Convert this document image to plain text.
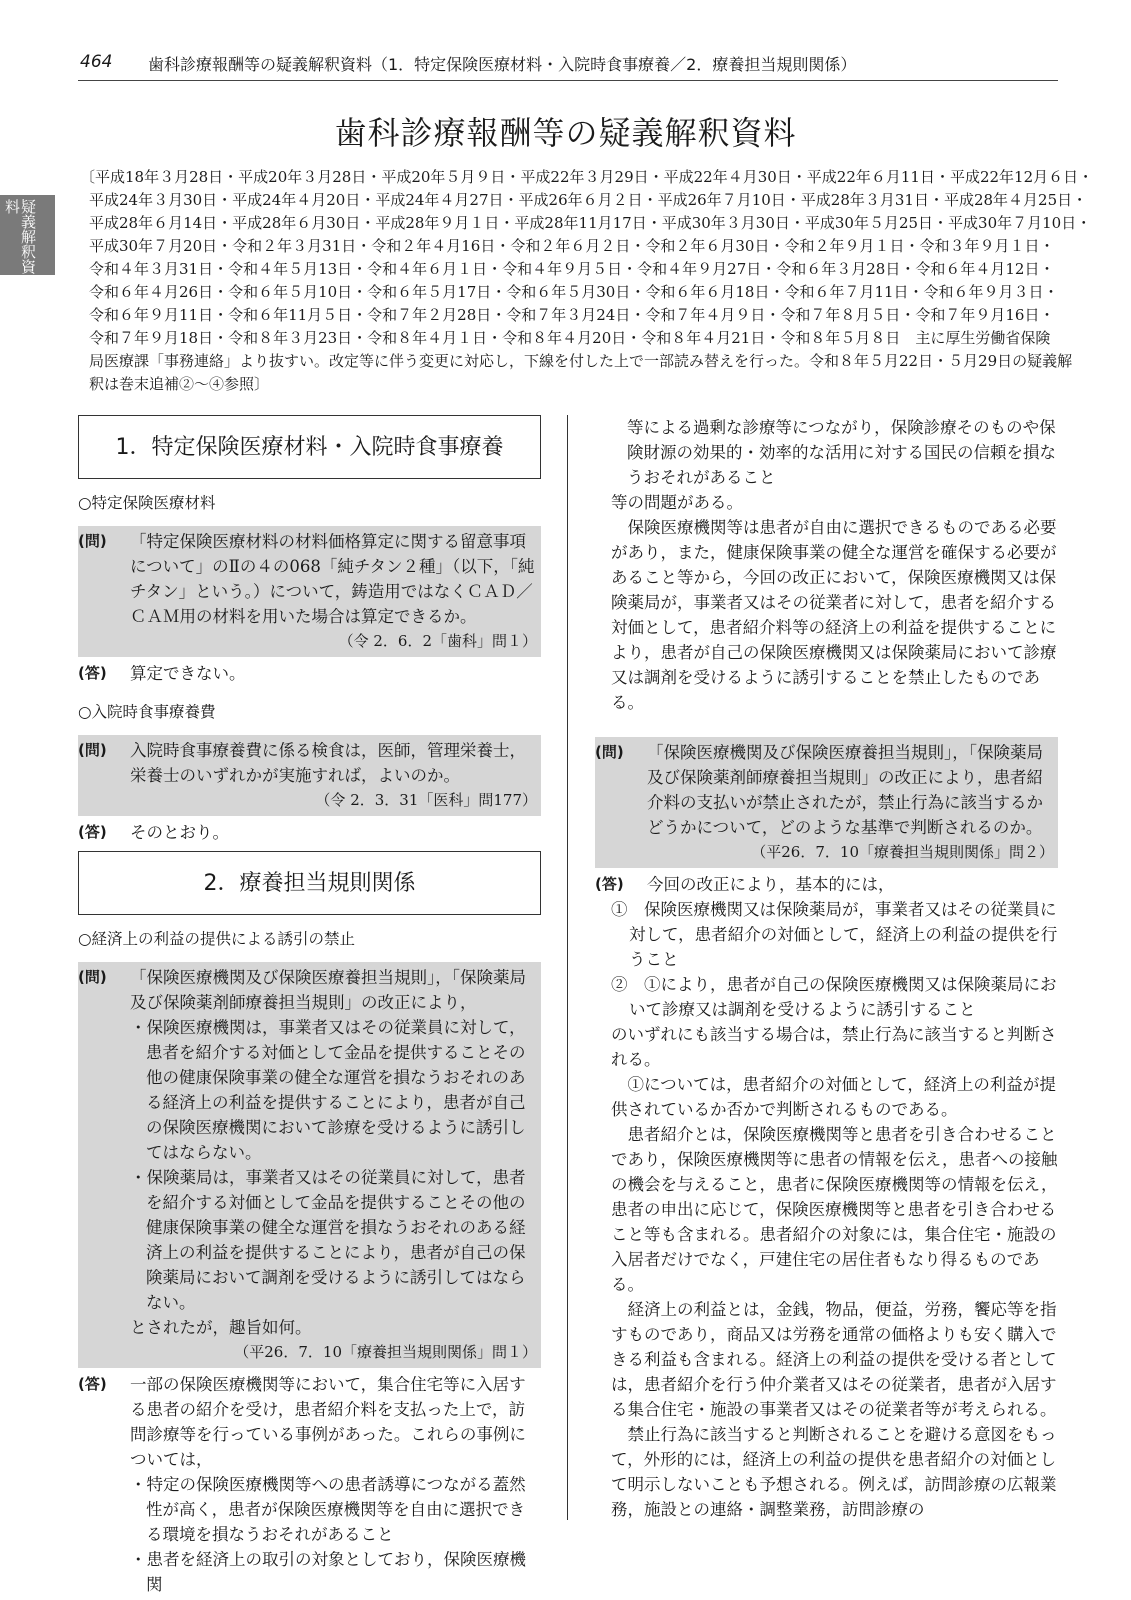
464 歯科診療報酬等の疑義解釈資料（1．特定保険医療材料・入院時食事療養／2．療養担当規則関係）
疑義解釈資料
歯科診療報酬等の疑義解釈資料

〔平成18年３月28日・平成20年３月28日・平成20年５月９日・平成22年３月29日・平成22年４月30日・平成22年６月11日・平成22年12月６日・

平成24年３月30日・平成24年４月20日・平成24年４月27日・平成26年６月２日・平成26年７月10日・平成28年３月31日・平成28年４月25日・

平成28年６月14日・平成28年６月30日・平成28年９月１日・平成28年11月17日・平成30年３月30日・平成30年５月25日・平成30年７月10日・

平成30年７月20日・令和２年３月31日・令和２年４月16日・令和２年６月２日・令和２年６月30日・令和２年９月１日・令和３年９月１日・

令和４年３月31日・令和４年５月13日・令和４年６月１日・令和４年９月５日・令和４年９月27日・令和６年３月28日・令和６年４月12日・

令和６年４月26日・令和６年５月10日・令和６年５月17日・令和６年５月30日・令和６年６月18日・令和６年７月11日・令和６年９月３日・

令和６年９月11日・令和６年11月５日・令和７年２月28日・令和７年３月24日・令和７年４月９日・令和７年８月５日・令和７年９月16日・

令和７年９月18日・令和８年３月23日・令和８年４月１日・令和８年４月20日・令和８年４月21日・令和８年５月８日　主に厚生労働省保険

局医療課「事務連絡」より抜すい。改定等に伴う変更に対応し，下線を付した上で一部読み替えを行った。令和８年５月22日・５月29日の疑義解

釈は巻末追補②～④参照〕

1．特定保険医療材料・入院時食事療養
○特定保険医療材料
(問)	「特定保険医療材料の材料価格算定に関する留意事項について」のⅡの４の068「純チタン２種」（以下，「純チタン」という。）について，鋳造用ではなくＣＡＤ／ＣＡＭ用の材料を用いた場合は算定できるか。

（令 2．6．2「歯科」問１）
(答)	算定できない。

○入院時食事療養費
(問)	入院時食事療養費に係る検食は，医師，管理栄養士，栄養士のいずれかが実施すれば，よいのか。

（令 2．3．31「医科」問177）
(答)	そのとおり。

2．療養担当規則関係
○経済上の利益の提供による誘引の禁止
(問)	「保険医療機関及び保険医療養担当規則」，「保険薬局及び保険薬剤師療養担当規則」の改正により，

・保険医療機関は，事業者又はその従業員に対して，患者を紹介する対価として金品を提供することその他の健康保険事業の健全な運営を損なうおそれのある経済上の利益を提供することにより，患者が自己の保険医療機関において診療を受けるように誘引してはならない。

・保険薬局は，事業者又はその従業員に対して，患者を紹介する対価として金品を提供することその他の健康保険事業の健全な運営を損なうおそれのある経済上の利益を提供することにより，患者が自己の保険薬局において調剤を受けるように誘引してはならない。

とされたが，趣旨如何。

（平26．7．10「療養担当規則関係」問１）
(答)	一部の保険医療機関等において，集合住宅等に入居する患者の紹介を受け，患者紹介料を支払った上で，訪問診療等を行っている事例があった。これらの事例については，

・特定の保険医療機関等への患者誘導につながる蓋然性が高く，患者が保険医療機関等を自由に選択できる環境を損なうおそれがあること

・患者を経済上の取引の対象としており，保険医療機関

等による過剰な診療等につながり，保険診療そのものや保険財源の効果的・効率的な活用に対する国民の信頼を損なうおそれがあること

等の問題がある。

保険医療機関等は患者が自由に選択できるものである必要があり，また，健康保険事業の健全な運営を確保する必要があること等から，今回の改正において，保険医療機関又は保険薬局が，事業者又はその従業者に対して，患者を紹介する対価として，患者紹介料等の経済上の利益を提供することにより，患者が自己の保険医療機関又は保険薬局において診療又は調剤を受けるように誘引することを禁止したものである。

(問)	「保険医療機関及び保険医療養担当規則」，「保険薬局及び保険薬剤師療養担当規則」の改正により，患者紹介料の支払いが禁止されたが，禁止行為に該当するかどうかについて，どのような基準で判断されるのか。

（平26．7．10「療養担当規則関係」問２）
(答)	今回の改正により，基本的には，

①　保険医療機関又は保険薬局が，事業者又はその従業員に対して，患者紹介の対価として，経済上の利益の提供を行うこと

②　①により，患者が自己の保険医療機関又は保険薬局において診療又は調剤を受けるように誘引すること

のいずれにも該当する場合は，禁止行為に該当すると判断される。

①については，患者紹介の対価として，経済上の利益が提供されているか否かで判断されるものである。

患者紹介とは，保険医療機関等と患者を引き合わせることであり，保険医療機関等に患者の情報を伝え，患者への接触の機会を与えること，患者に保険医療機関等の情報を伝え，患者の申出に応じて，保険医療機関等と患者を引き合わせること等も含まれる。患者紹介の対象には，集合住宅・施設の入居者だけでなく，戸建住宅の居住者もなり得るものである。

経済上の利益とは，金銭，物品，便益，労務，饗応等を指すものであり，商品又は労務を通常の価格よりも安く購入できる利益も含まれる。経済上の利益の提供を受ける者としては，患者紹介を行う仲介業者又はその従業者，患者が入居する集合住宅・施設の事業者又はその従業者等が考えられる。

禁止行為に該当すると判断されることを避ける意図をもって，外形的には，経済上の利益の提供を患者紹介の対価として明示しないことも予想される。例えば，訪問診療の広報業務，施設との連絡・調整業務，訪問診療の
